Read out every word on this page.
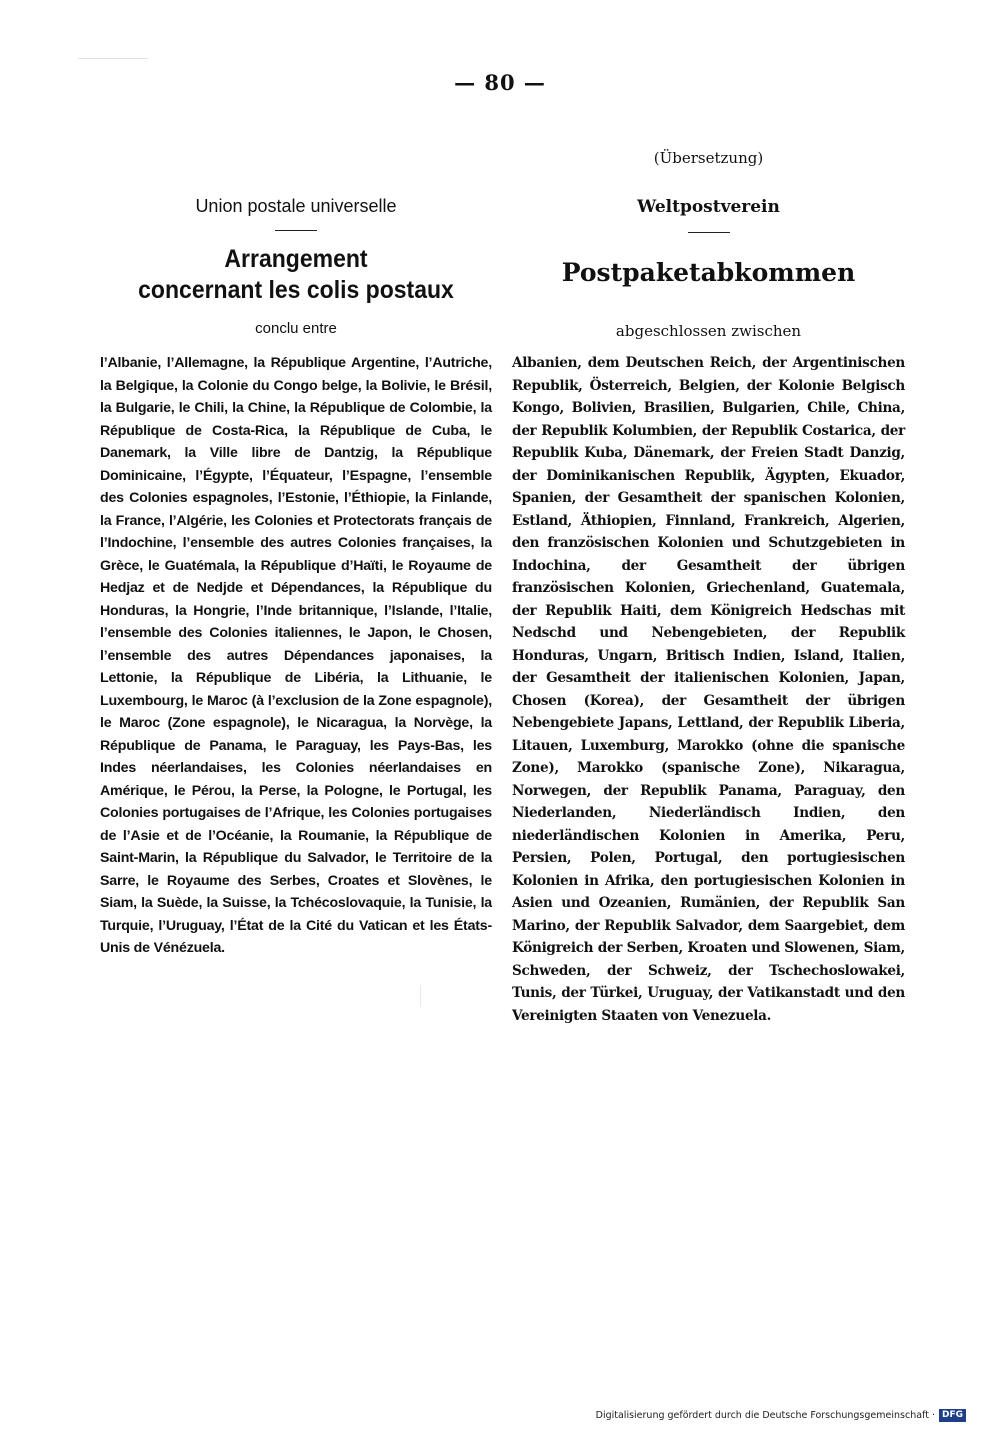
— 80 —
Union postale universelle
Arrangement
concernant les colis postaux
conclu entre

l’Albanie, l’Allemagne, la République Argentine, l’Autriche, la Belgique, la Colonie du Congo belge, la Bolivie, le Brésil, la Bulgarie, le Chili, la Chine, la République de Colombie, la République de Costa-Rica, la République de Cuba, le Danemark, la Ville libre de Dantzig, la République Dominicaine, l’Égypte, l’Équateur, l’Espagne, l’ensemble des Colonies espagnoles, l’Estonie, l’Éthiopie, la Finlande, la France, l’Algérie, les Colonies et Protectorats français de l’Indochine, l’ensemble des autres Colonies françaises, la Grèce, le Guatémala, la République d’Haïti, le Royaume de Hedjaz et de Nedjde et Dépendances, la République du Honduras, la Hongrie, l’Inde britannique, l’Islande, l’Italie, l’ensemble des Colonies italiennes, le Japon, le Chosen, l’ensemble des autres Dépendances japonaises, la Lettonie, la République de Libéria, la Lithuanie, le Luxembourg, le Maroc (à l’exclusion de la Zone espagnole), le Maroc (Zone espagnole), le Nicaragua, la Norvège, la République de Panama, le Paraguay, les Pays-Bas, les Indes néerlandaises, les Colonies néerlandaises en Amérique, le Pérou, la Perse, la Pologne, le Portugal, les Colonies portugaises de l’Afrique, les Colonies portugaises de l’Asie et de l’Océanie, la Roumanie, la République de Saint-Marin, la République du Salvador, le Territoire de la Sarre, le Royaume des Serbes, Croates et Slovènes, le Siam, la Suède, la Suisse, la Tchécoslovaquie, la Tunisie, la Turquie, l’Uruguay, l’État de la Cité du Vatican et les États-Unis de Vénézuela.

(Übersetzung)
Weltpostverein
Postpaketabkommen
abgeschlossen zwischen

Albanien, dem Deutschen Reich, der Argentinischen Republik, Österreich, Belgien, der Kolonie Belgisch Kongo, Bolivien, Brasilien, Bulgarien, Chile, China, der Republik Kolumbien, der Republik Costarica, der Republik Kuba, Dänemark, der Freien Stadt Danzig, der Dominikanischen Republik, Ägypten, Ekuador, Spanien, der Gesamtheit der spanischen Kolonien, Estland, Äthiopien, Finnland, Frankreich, Algerien, den französischen Kolonien und Schutzgebieten in Indochina, der Gesamtheit der übrigen französischen Kolonien, Griechenland, Guatemala, der Republik Haiti, dem Königreich Hedschas mit Nedschd und Nebengebieten, der Republik Honduras, Ungarn, Britisch Indien, Island, Italien, der Gesamtheit der italienischen Kolonien, Japan, Chosen (Korea), der Gesamtheit der übrigen Nebengebiete Japans, Lettland, der Republik Liberia, Litauen, Luxemburg, Marokko (ohne die spanische Zone), Marokko (spanische Zone), Nikaragua, Norwegen, der Republik Panama, Paraguay, den Niederlanden, Niederländisch Indien, den niederländischen Kolonien in Amerika, Peru, Persien, Polen, Portugal, den portugiesischen Kolonien in Afrika, den portugiesischen Kolonien in Asien und Ozeanien, Rumänien, der Republik San Marino, der Republik Salvador, dem Saargebiet, dem Königreich der Serben, Kroaten und Slowenen, Siam, Schweden, der Schweiz, der Tschechoslowakei, Tunis, der Türkei, Uruguay, der Vatikanstadt und den Vereinigten Staaten von Venezuela.

Digitalisierung gefördert durch die Deutsche Forschungsgemeinschaft · DFG
